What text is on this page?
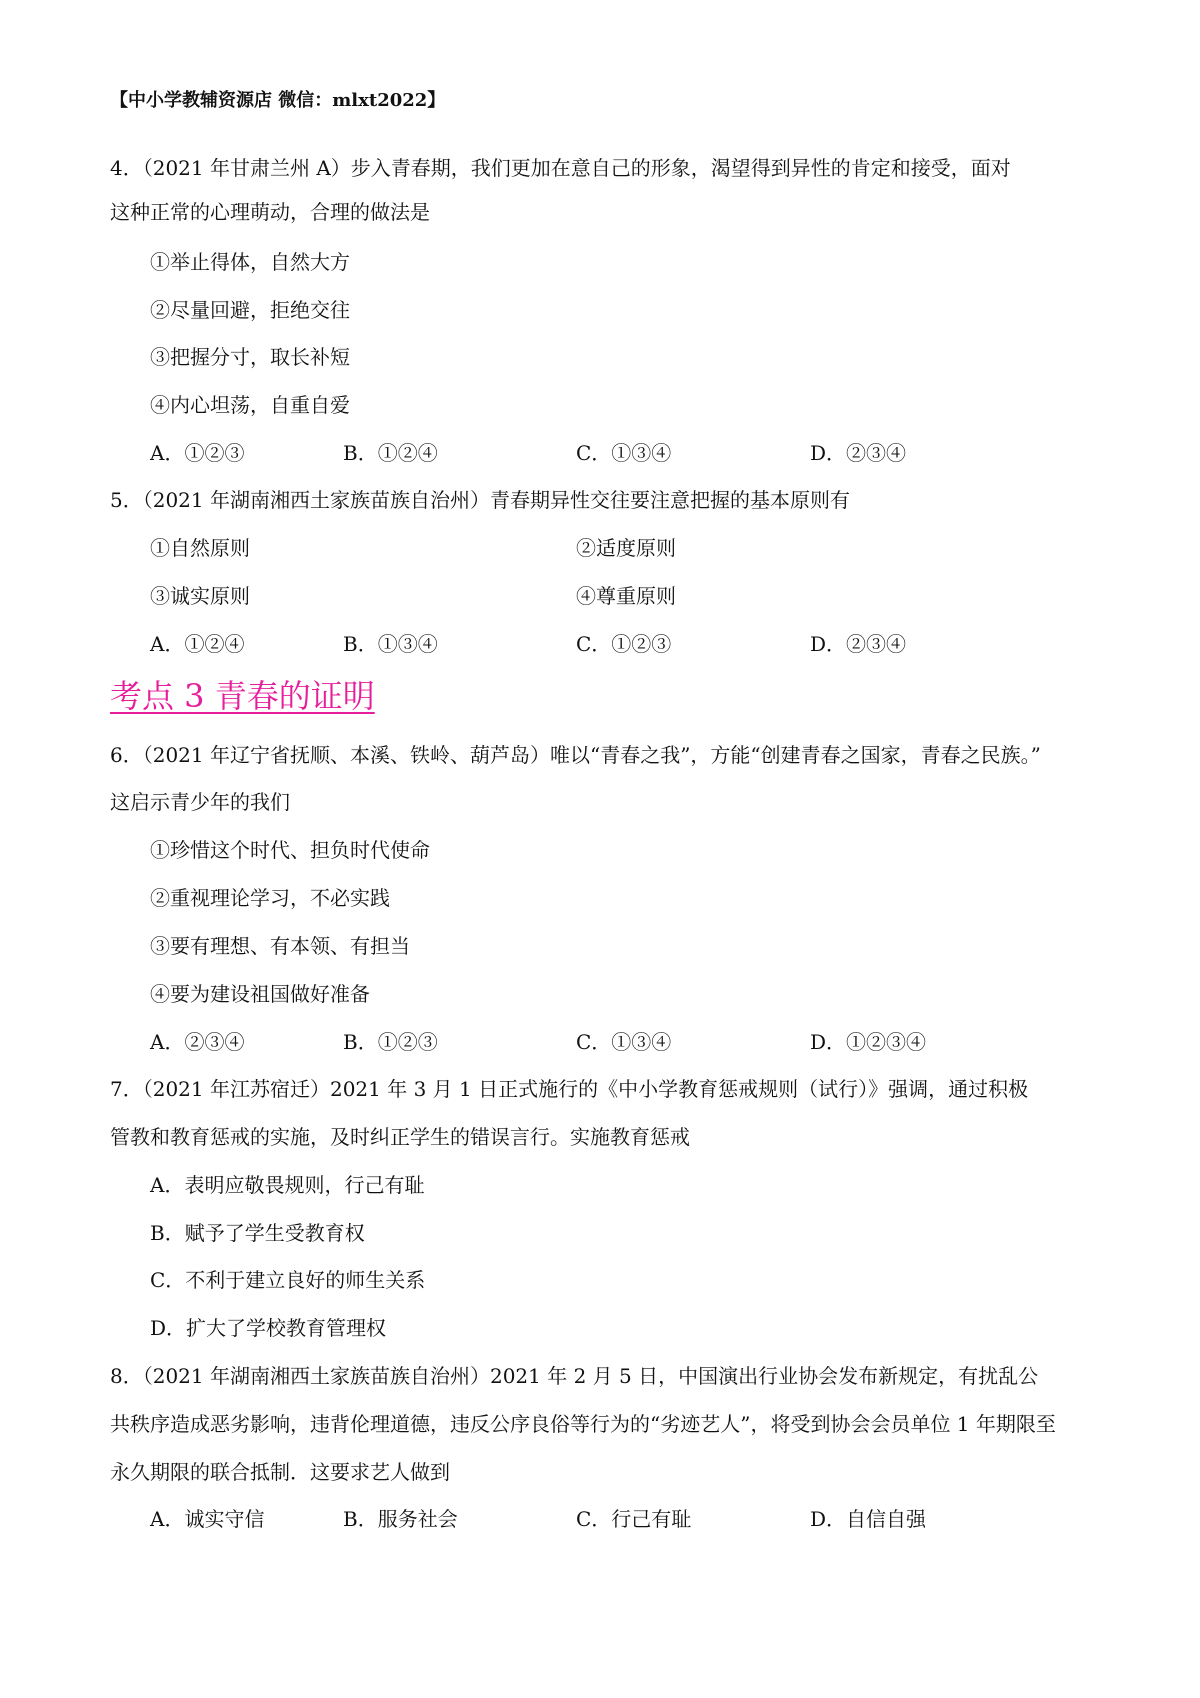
【中小学教辅资源店 微信：mlxt2022】
4．（2021 年甘肃兰州 A）步入青春期，我们更加在意自己的形象，渴望得到异性的肯定和接受，面对
这种正常的心理萌动，合理的做法是
①举止得体，自然大方
②尽量回避，拒绝交往
③把握分寸，取长补短
④内心坦荡，自重自爱
A．①②③	B．①②④	C．①③④	D．②③④
5．（2021 年湖南湘西土家族苗族自治州）青春期异性交往要注意把握的基本原则有
①自然原则	②适度原则
③诚实原则	④尊重原则
A．①②④	B．①③④	C．①②③	D．②③④
考点 3 青春的证明
6．（2021 年辽宁省抚顺、本溪、铁岭、葫芦岛）唯以“青春之我”，方能“创建青春之国家，青春之民族。”
这启示青少年的我们
①珍惜这个时代、担负时代使命
②重视理论学习，不必实践
③要有理想、有本领、有担当
④要为建设祖国做好准备
A．②③④	B．①②③	C．①③④	D．①②③④
7．（2021 年江苏宿迁）2021 年 3 月 1 日正式施行的《中小学教育惩戒规则（试行）》强调，通过积极
管教和教育惩戒的实施，及时纠正学生的错误言行。实施教育惩戒
A．表明应敬畏规则，行己有耻
B．赋予了学生受教育权
C．不利于建立良好的师生关系
D．扩大了学校教育管理权
8．（2021 年湖南湘西土家族苗族自治州）2021 年 2 月 5 日，中国演出行业协会发布新规定，有扰乱公
共秩序造成恶劣影响，违背伦理道德，违反公序良俗等行为的“劣迹艺人”，将受到协会会员单位 1 年期限至
永久期限的联合抵制．这要求艺人做到
A．诚实守信	B．服务社会	C．行己有耻	D．自信自强
